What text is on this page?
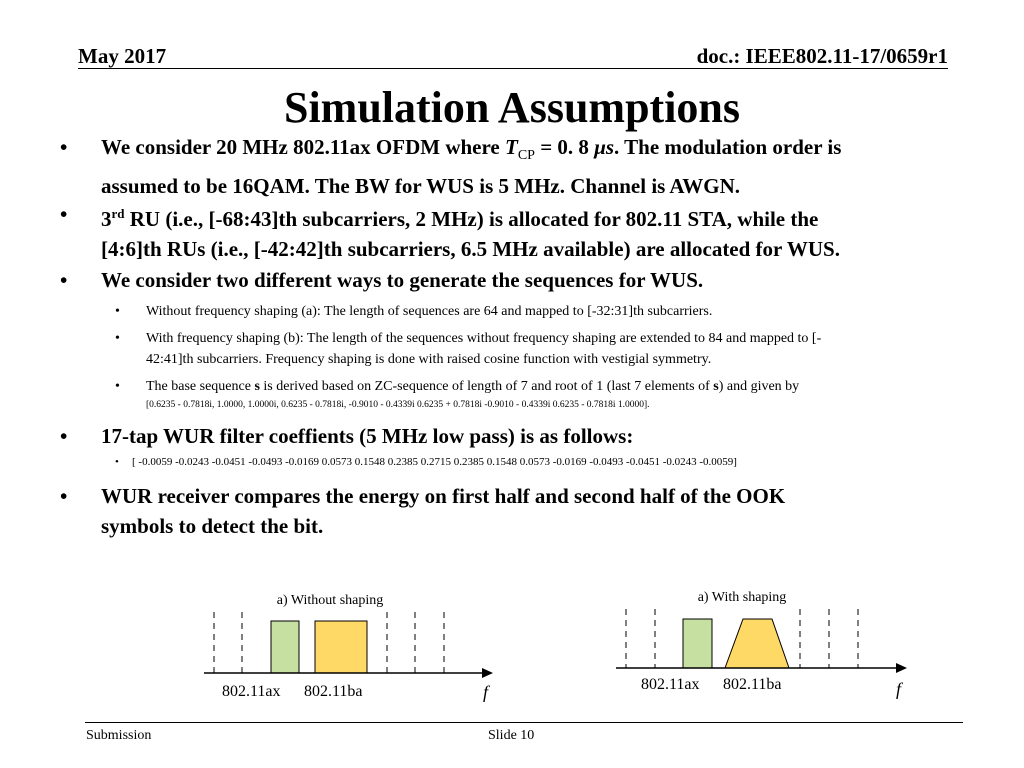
May 2017	doc.: IEEE802.11-17/0659r1
Simulation Assumptions
•	We consider 20 MHz 802.11ax OFDM where $T_{CP} = 0$. 8 μs. The modulation order is
assumed to be 16QAM. The BW for WUS is 5 MHz. Channel is AWGN.
•	3rd RU (i.e., [-68:43]th subcarriers, 2 MHz) is allocated for 802.11 STA, while the
[4:6]th RUs (i.e., [-42:42]th subcarriers, 6.5 MHz available) are allocated for WUS.
•	We consider two different ways to generate the sequences for WUS.
• Without frequency shaping (a): The length of sequences are 64 and mapped to [-32:31]th subcarriers.
• With frequency shaping (b): The length of the sequences without frequency shaping are extended to 84 and mapped to [-
42:41]th subcarriers. Frequency shaping is done with raised cosine function with vestigial symmetry.
• The base sequence s is derived based on ZC-sequence of length of 7 and root of 1 (last 7 elements of s) and given by
$^{[0.6235 - 0.7818i, 1.0000, 1.0000i, 0.6235 - 0.7818i, -0.9010 - 0.4339i 0.6235 + 0.7818i -0.9010 - 0.4339i 0.6235 - 0.7818i 1.0000].}$
•	17-tap WUR filter coeffients (5 MHz low pass) is as follows:
• [ -0.0059 -0.0243 -0.0451 -0.0493 -0.0169 0.0573 0.1548 0.2385 0.2715 0.2385 0.1548 0.0573 -0.0169 -0.0493 -0.0451 -0.0243 -0.0059]
•	WUR receiver compares the energy on first half and second half of the OOK
symbols to detect the bit.
a) Without shaping
802.11ax 802.11ba	f
a) With shaping
802.11ax 802.11ba	f
Submission	Slide 10
